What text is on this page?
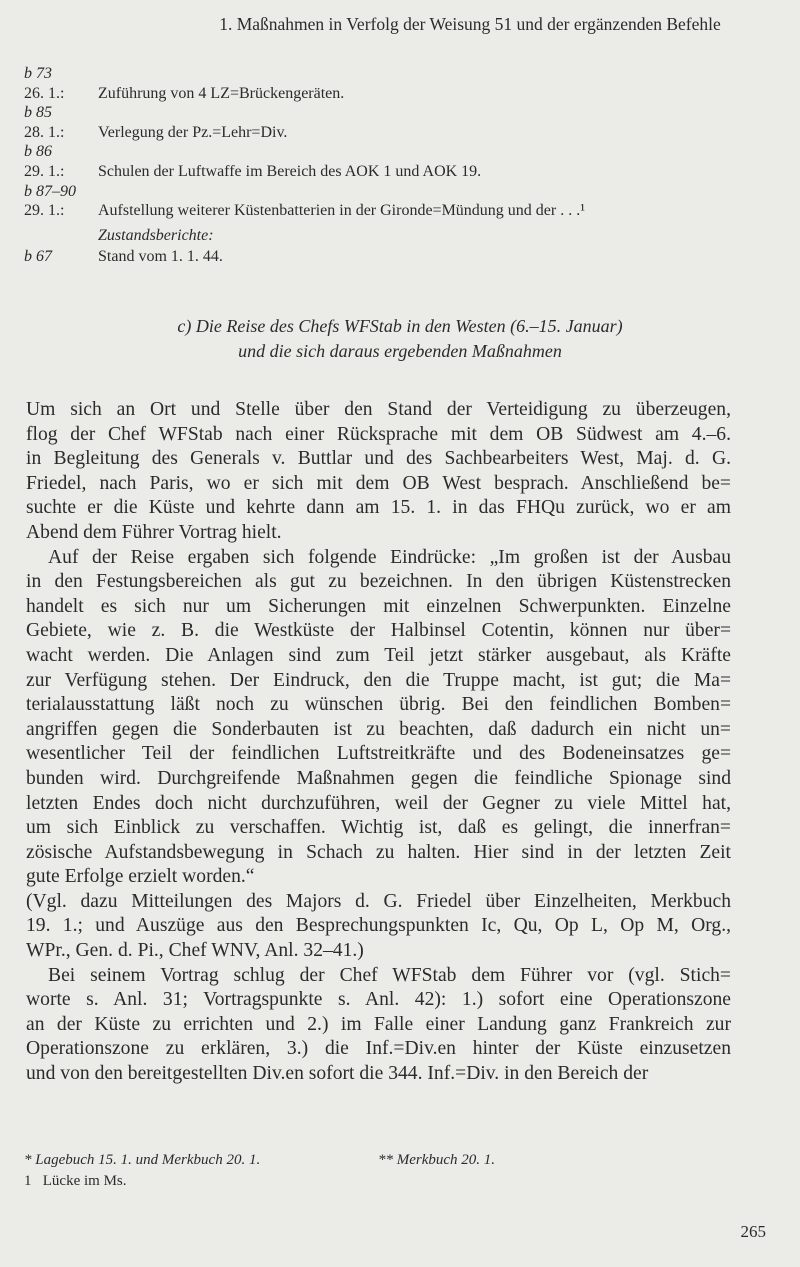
1. Maßnahmen in Verfolg der Weisung 51 und der ergänzenden Befehle
b 73
26. 1.: Zuführung von 4 LZ=Brückengeräten.
b 85
28. 1.: Verlegung der Pz.=Lehr=Div.
b 86
29. 1.: Schulen der Luftwaffe im Bereich des AOK 1 und AOK 19.
b 87–90
29. 1.: Aufstellung weiterer Küstenbatterien in der Gironde=Mündung und der . . .¹
Zustandsberichte:
b 67	Stand vom 1. 1. 44.
c) Die Reise des Chefs WFStab in den Westen (6.–15. Januar)
und die sich daraus ergebenden Maßnahmen
Um sich an Ort und Stelle über den Stand der Verteidigung zu überzeugen,
flog der Chef WFStab nach einer Rücksprache mit dem OB Südwest am 4.–6.
in Begleitung des Generals v. Buttlar und des Sachbearbeiters West, Maj. d. G.
Friedel, nach Paris, wo er sich mit dem OB West besprach. Anschließend be=
suchte er die Küste und kehrte dann am 15. 1. in das FHQu zurück, wo er am
Abend dem Führer Vortrag hielt.
Auf der Reise ergaben sich folgende Eindrücke: „Im großen ist der Ausbau
in den Festungsbereichen als gut zu bezeichnen. In den übrigen Küstenstrecken
handelt es sich nur um Sicherungen mit einzelnen Schwerpunkten. Einzelne
Gebiete, wie z. B. die Westküste der Halbinsel Cotentin, können nur über=
wacht werden. Die Anlagen sind zum Teil jetzt stärker ausgebaut, als Kräfte
zur Verfügung stehen. Der Eindruck, den die Truppe macht, ist gut; die Ma=
terialausstattung läßt noch zu wünschen übrig. Bei den feindlichen Bomben=
angriffen gegen die Sonderbauten ist zu beachten, daß dadurch ein nicht un=
wesentlicher Teil der feindlichen Luftstreitkräfte und des Bodeneinsatzes ge=
bunden wird. Durchgreifende Maßnahmen gegen die feindliche Spionage sind
letzten Endes doch nicht durchzuführen, weil der Gegner zu viele Mittel hat,
um sich Einblick zu verschaffen. Wichtig ist, daß es gelingt, die innerfran=
zösische Aufstandsbewegung in Schach zu halten. Hier sind in der letzten Zeit
gute Erfolge erzielt worden.“
(Vgl. dazu Mitteilungen des Majors d. G. Friedel über Einzelheiten, Merkbuch
19. 1.; und Auszüge aus den Besprechungspunkten Ic, Qu, Op L, Op M, Org.,
WPr., Gen. d. Pi., Chef WNV, Anl. 32–41.)
Bei seinem Vortrag schlug der Chef WFStab dem Führer vor (vgl. Stich=
worte s. Anl. 31; Vortragspunkte s. Anl. 42): 1.) sofort eine Operationszone
an der Küste zu errichten und 2.) im Falle einer Landung ganz Frankreich zur
Operationszone zu erklären, 3.) die Inf.=Div.en hinter der Küste einzusetzen
und von den bereitgestellten Div.en sofort die 344. Inf.=Div. in den Bereich der
* Lagebuch 15. 1. und Merkbuch 20. 1.	** Merkbuch 20. 1.
1   Lücke im Ms.
265
